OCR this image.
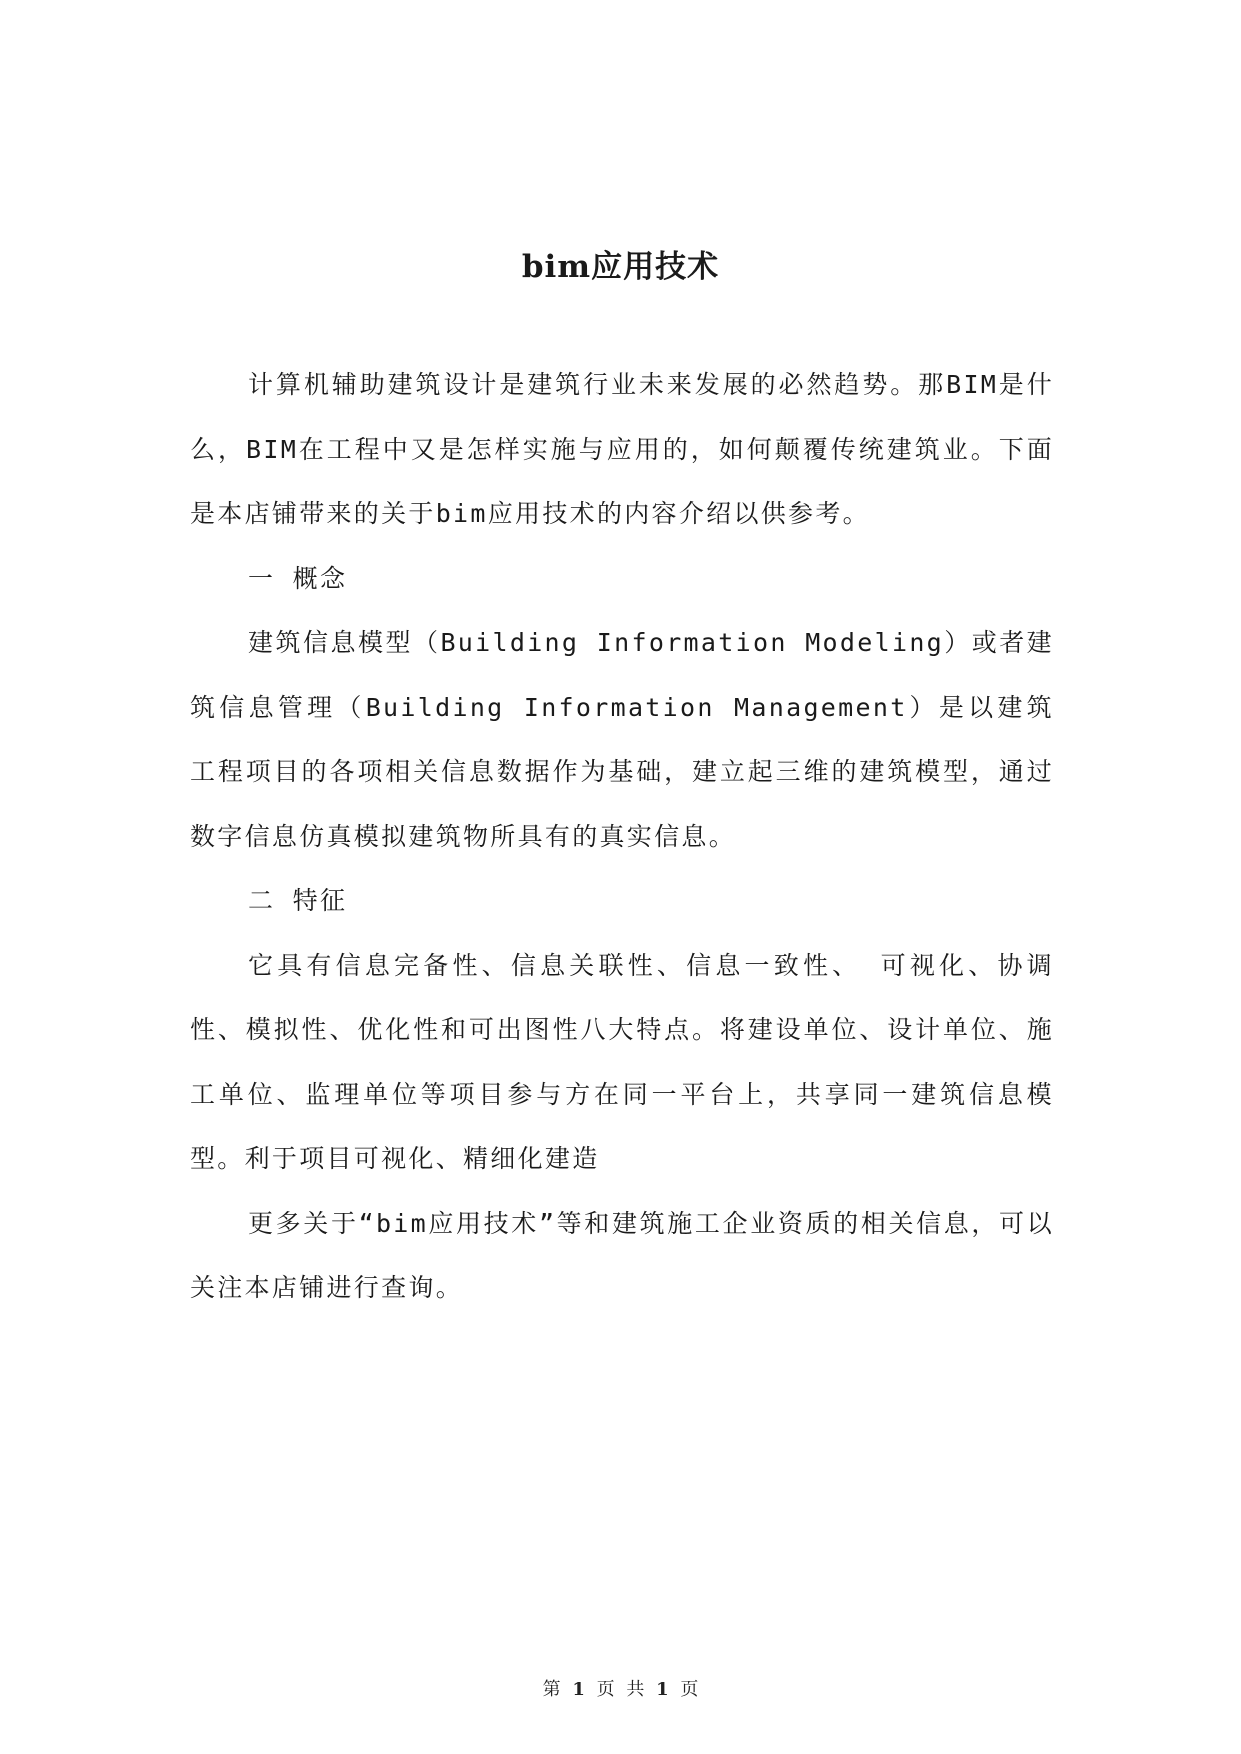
bim应用技术

计算机辅助建筑设计是建筑行业未来发展的必然趋势。那BIM是什么，BIM在工程中又是怎样实施与应用的，如何颠覆传统建筑业。下面是本店铺带来的关于bim应用技术的内容介绍以供参考。

一 概念

建筑信息模型（Building Information Modeling）或者建筑信息管理（Building Information Management）是以建筑工程项目的各项相关信息数据作为基础，建立起三维的建筑模型，通过数字信息仿真模拟建筑物所具有的真实信息。

二 特征

它具有信息完备性、信息关联性、信息一致性、 可视化、协调性、模拟性、优化性和可出图性八大特点。将建设单位、设计单位、施工单位、监理单位等项目参与方在同一平台上，共享同一建筑信息模型。利于项目可视化、精细化建造

更多关于“bim应用技术”等和建筑施工企业资质的相关信息，可以关注本店铺进行查询。

第 1 页 共 1 页
